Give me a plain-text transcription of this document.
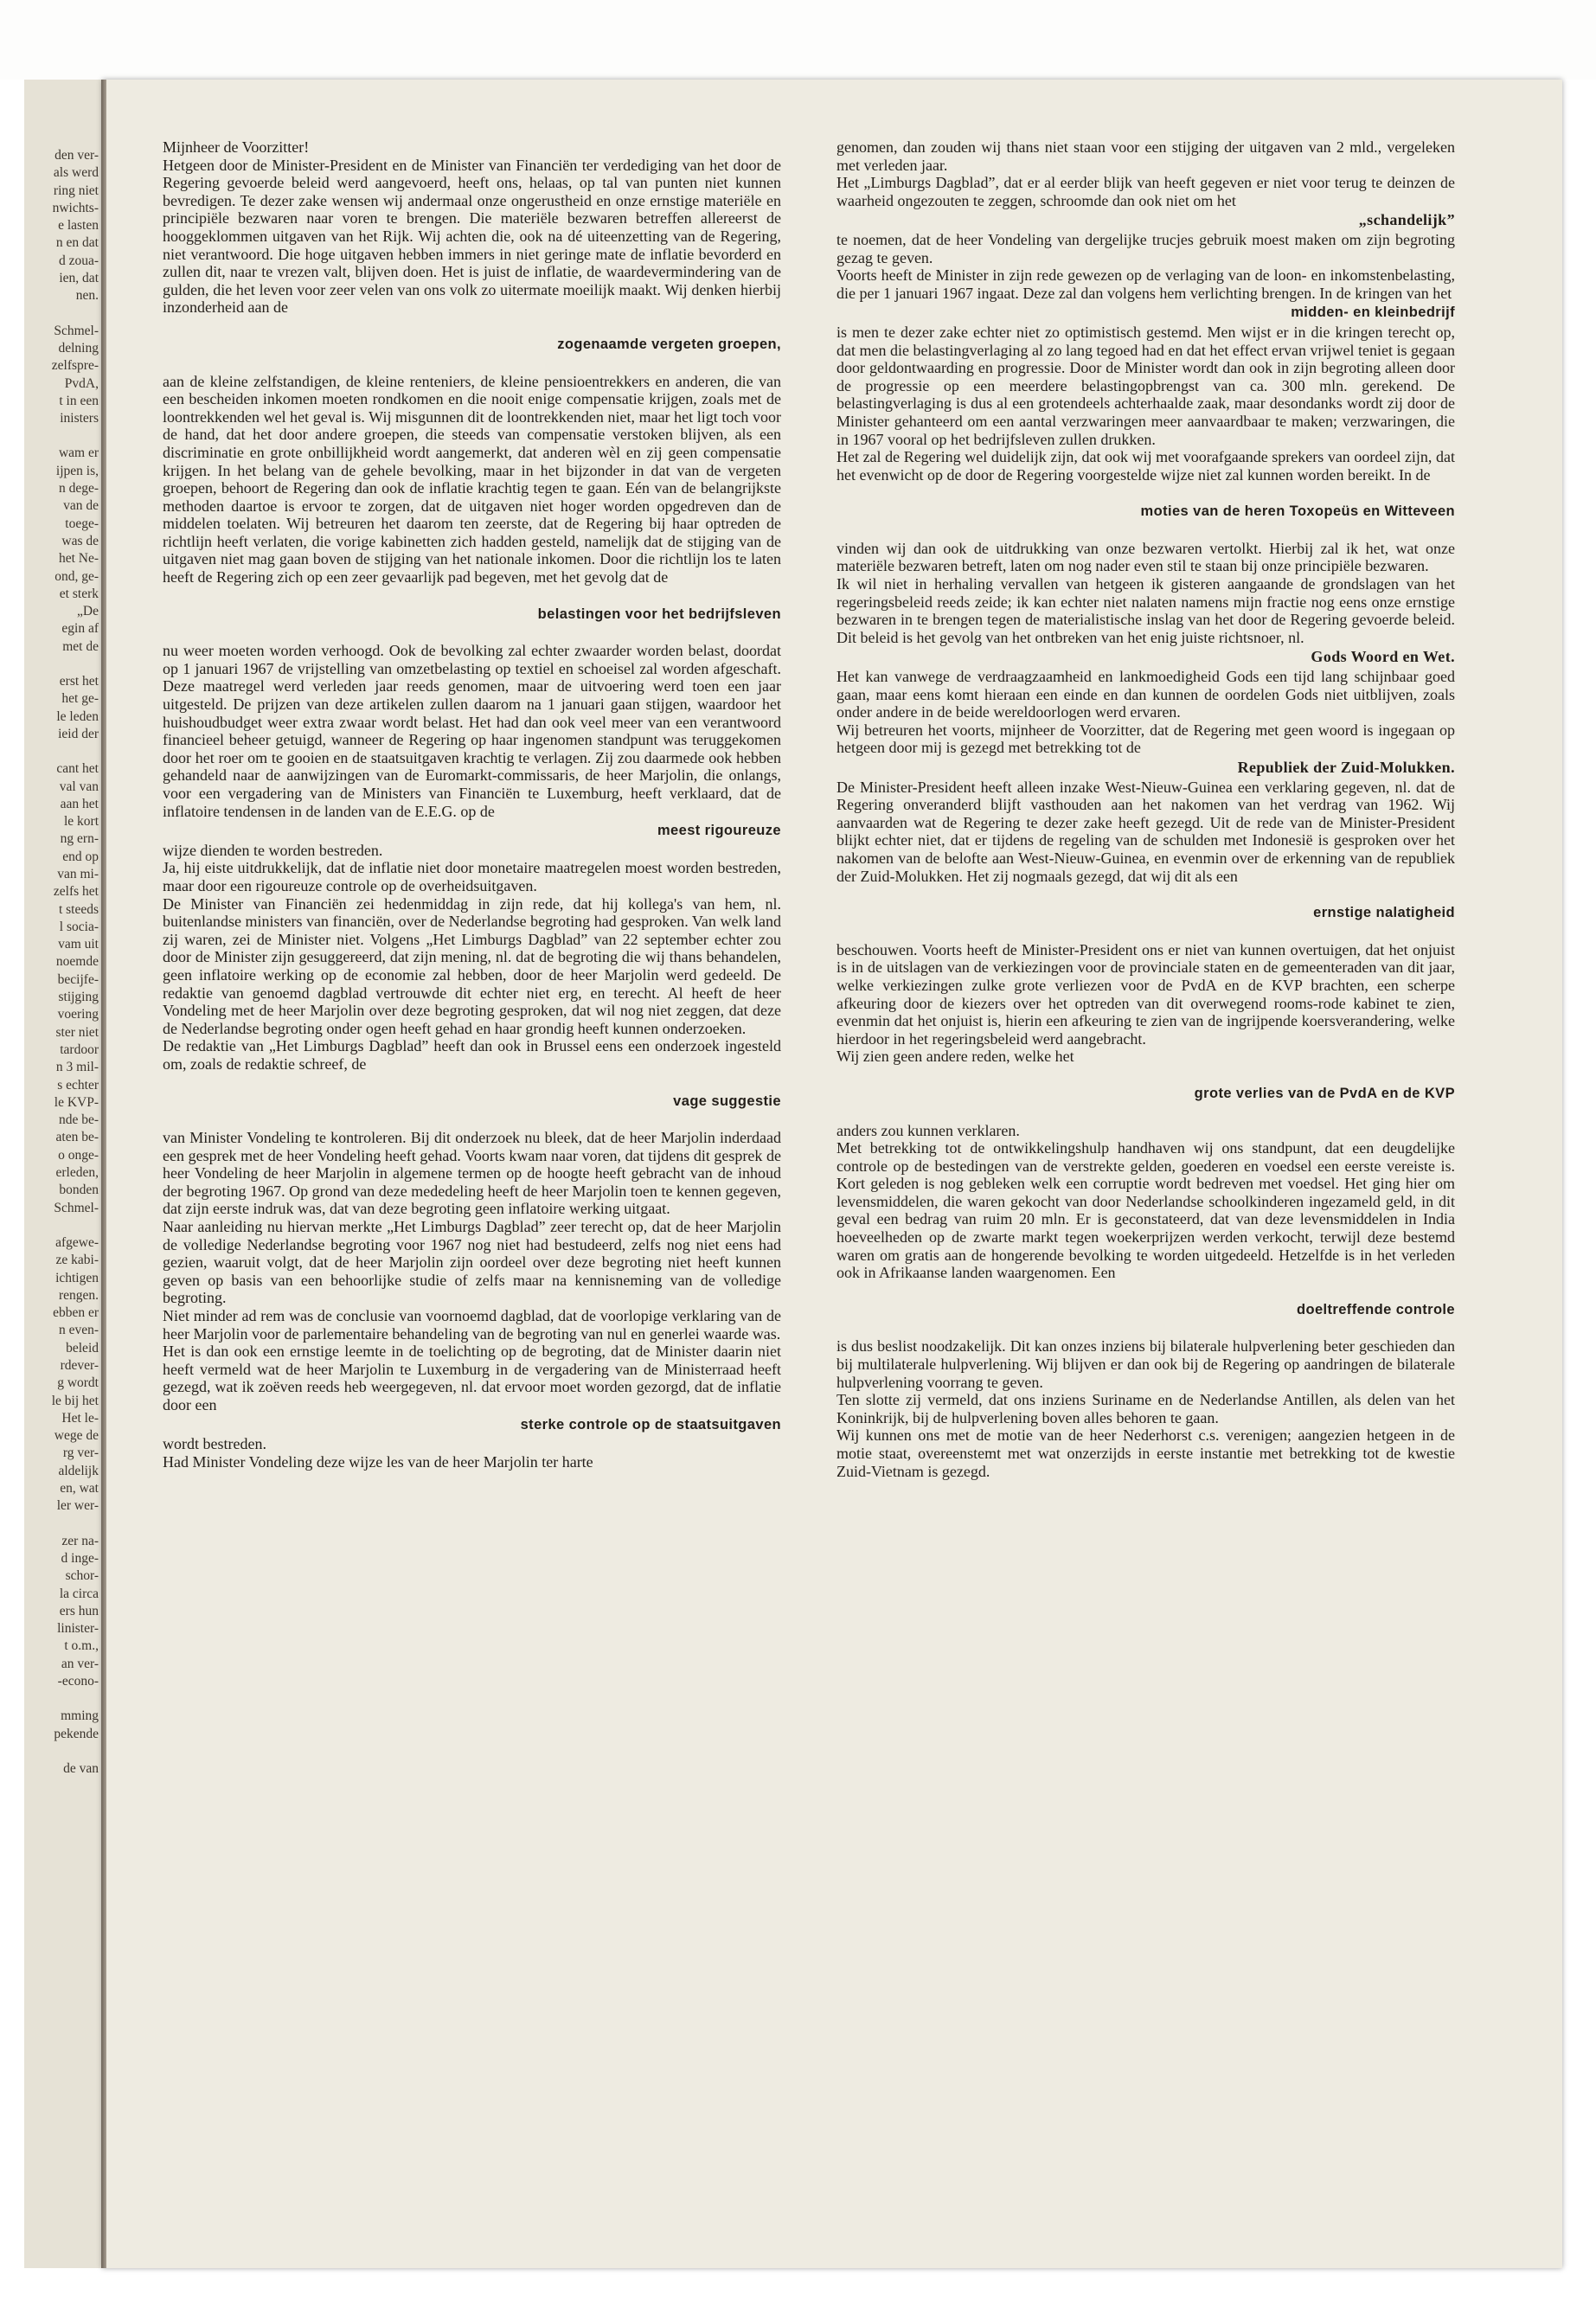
den ver-
als werd
ring niet
nwichts-
e lasten
n en dat
d zoua-
ien, dat
nen.
Schmel-
delning
zelfspre-
PvdA,
t in een
inisters
wam er
ijpen is,
n dege-
van de
toege-
was de
het Ne-
ond, ge-
et sterk
„De
egin af
met de
erst het
het ge-
le leden
ieid der
cant het
val van
aan het
le kort
ng ern-
end op
van mi-
zelfs het
t steeds
l socia-
vam uit
noemde
becijfe-
stijging
voering
ster niet
tardoor
n 3 mil-
s echter
le KVP-
nde be-
aten be-
o onge-
erleden,
bonden
Schmel-
afgewe-
ze kabi-
ichtigen
rengen.
ebben er
n even-
beleid
rdever-
g wordt
le bij het
Het le-
wege de
rg ver-
aldelijk
en, wat
ler wer-
zer na-
d inge-
schor-
la circa
ers hun
linister-
t o.m.,
an ver-
-econo-
mming
pekende
de van

Mijnheer de Voorzitter!

Hetgeen door de Minister-President en de Minister van Financiën ter verdediging van het door de Regering gevoerde beleid werd aangevoerd, heeft ons, helaas, op tal van punten niet kunnen bevredigen. Te dezer zake wensen wij andermaal onze ongerustheid en onze ernstige materiële en principiële bezwaren naar voren te brengen. Die materiële bezwaren betreffen allereerst de hooggeklommen uitgaven van het Rijk. Wij achten die, ook na dé uiteenzetting van de Regering, niet verantwoord. Die hoge uitgaven hebben immers in niet geringe mate de inflatie bevorderd en zullen dit, naar te vrezen valt, blijven doen. Het is juist de inflatie, de waardevermindering van de gulden, die het leven voor zeer velen van ons volk zo uitermate moeilijk maakt. Wij denken hierbij inzonderheid aan de

zogenaamde vergeten groepen,

aan de kleine zelfstandigen, de kleine renteniers, de kleine pensioentrekkers en anderen, die van een bescheiden inkomen moeten rondkomen en die nooit enige compensatie krijgen, zoals met de loontrekkenden wel het geval is. Wij misgunnen dit de loontrekkenden niet, maar het ligt toch voor de hand, dat het door andere groepen, die steeds van compensatie verstoken blijven, als een discriminatie en grote onbillijkheid wordt aangemerkt, dat anderen wèl en zij geen compensatie krijgen. In het belang van de gehele bevolking, maar in het bijzonder in dat van de vergeten groepen, behoort de Regering dan ook de inflatie krachtig tegen te gaan. Eén van de belangrijkste methoden daartoe is ervoor te zorgen, dat de uitgaven niet hoger worden opgedreven dan de middelen toelaten. Wij betreuren het daarom ten zeerste, dat de Regering bij haar optreden de richtlijn heeft verlaten, die vorige kabinetten zich hadden gesteld, namelijk dat de stijging van de uitgaven niet mag gaan boven de stijging van het nationale inkomen. Door die richtlijn los te laten heeft de Regering zich op een zeer gevaarlijk pad begeven, met het gevolg dat de

belastingen voor het bedrijfsleven

nu weer moeten worden verhoogd. Ook de bevolking zal echter zwaarder worden belast, doordat op 1 januari 1967 de vrijstelling van omzetbelasting op textiel en schoeisel zal worden afgeschaft. Deze maatregel werd verleden jaar reeds genomen, maar de uitvoering werd toen een jaar uitgesteld. De prijzen van deze artikelen zullen daarom na 1 januari gaan stijgen, waardoor het huishoudbudget weer extra zwaar wordt belast. Het had dan ook veel meer van een verantwoord financieel beheer getuigd, wanneer de Regering op haar ingenomen standpunt was teruggekomen door het roer om te gooien en de staatsuitgaven krachtig te verlagen. Zij zou daarmede ook hebben gehandeld naar de aanwijzingen van de Euromarkt-commissaris, de heer Marjolin, die onlangs, voor een vergadering van de Ministers van Financiën te Luxemburg, heeft verklaard, dat de inflatoire tendensen in de landen van de E.E.G. op de

meest rigoureuze

wijze dienden te worden bestreden.

Ja, hij eiste uitdrukkelijk, dat de inflatie niet door monetaire maatregelen moest worden bestreden, maar door een rigoureuze controle op de overheidsuitgaven.

De Minister van Financiën zei hedenmiddag in zijn rede, dat hij kollega's van hem, nl. buitenlandse ministers van financiën, over de Nederlandse begroting had gesproken. Van welk land zij waren, zei de Minister niet. Volgens „Het Limburgs Dagblad” van 22 september echter zou door de Minister zijn gesuggereerd, dat zijn mening, nl. dat de begroting die wij thans behandelen, geen inflatoire werking op de economie zal hebben, door de heer Marjolin werd gedeeld. De redaktie van genoemd dagblad vertrouwde dit echter niet erg, en terecht. Al heeft de heer Vondeling met de heer Marjolin over deze begroting gesproken, dat wil nog niet zeggen, dat deze de Nederlandse begroting onder ogen heeft gehad en haar grondig heeft kunnen onderzoeken.

De redaktie van „Het Limburgs Dagblad” heeft dan ook in Brussel eens een onderzoek ingesteld om, zoals de redaktie schreef, de

vage suggestie

van Minister Vondeling te kontroleren. Bij dit onderzoek nu bleek, dat de heer Marjolin inderdaad een gesprek met de heer Vondeling heeft gehad. Voorts kwam naar voren, dat tijdens dit gesprek de heer Vondeling de heer Marjolin in algemene termen op de hoogte heeft gebracht van de inhoud der begroting 1967. Op grond van deze mededeling heeft de heer Marjolin toen te kennen gegeven, dat zijn eerste indruk was, dat van deze begroting geen inflatoire werking uitgaat.

Naar aanleiding nu hiervan merkte „Het Limburgs Dagblad” zeer terecht op, dat de heer Marjolin de volledige Nederlandse begroting voor 1967 nog niet had bestudeerd, zelfs nog niet eens had gezien, waaruit volgt, dat de heer Marjolin zijn oordeel over deze begroting niet heeft kunnen geven op basis van een behoorlijke studie of zelfs maar na kennisneming van de volledige begroting.

Niet minder ad rem was de conclusie van voornoemd dagblad, dat de voorlopige verklaring van de heer Marjolin voor de parlementaire behandeling van de begroting van nul en generlei waarde was.

Het is dan ook een ernstige leemte in de toelichting op de begroting, dat de Minister daarin niet heeft vermeld wat de heer Marjolin te Luxemburg in de vergadering van de Ministerraad heeft gezegd, wat ik zoëven reeds heb weergegeven, nl. dat ervoor moet worden gezorgd, dat de inflatie door een

sterke controle op de staatsuitgaven

wordt bestreden.

Had Minister Vondeling deze wijze les van de heer Marjolin ter harte

genomen, dan zouden wij thans niet staan voor een stijging der uitgaven van 2 mld., vergeleken met verleden jaar.

Het „Limburgs Dagblad”, dat er al eerder blijk van heeft gegeven er niet voor terug te deinzen de waarheid ongezouten te zeggen, schroomde dan ook niet om het

„schandelijk”

te noemen, dat de heer Vondeling van dergelijke trucjes gebruik moest maken om zijn begroting gezag te geven.

Voorts heeft de Minister in zijn rede gewezen op de verlaging van de loon- en inkomstenbelasting, die per 1 januari 1967 ingaat. Deze zal dan volgens hem verlichting brengen. In de kringen van het

midden- en kleinbedrijf

is men te dezer zake echter niet zo optimistisch gestemd. Men wijst er in die kringen terecht op, dat men die belastingverlaging al zo lang tegoed had en dat het effect ervan vrijwel teniet is gegaan door geldontwaarding en progressie. Door de Minister wordt dan ook in zijn begroting alleen door de progressie op een meerdere belastingopbrengst van ca. 300 mln. gerekend. De belastingverlaging is dus al een grotendeels achterhaalde zaak, maar desondanks wordt zij door de Minister gehanteerd om een aantal verzwaringen meer aanvaardbaar te maken; verzwaringen, die in 1967 vooral op het bedrijfsleven zullen drukken.

Het zal de Regering wel duidelijk zijn, dat ook wij met voorafgaande sprekers van oordeel zijn, dat het evenwicht op de door de Regering voorgestelde wijze niet zal kunnen worden bereikt. In de

moties van de heren Toxopeüs en Witteveen

vinden wij dan ook de uitdrukking van onze bezwaren vertolkt. Hierbij zal ik het, wat onze materiële bezwaren betreft, laten om nog nader even stil te staan bij onze principiële bezwaren.

Ik wil niet in herhaling vervallen van hetgeen ik gisteren aangaande de grondslagen van het regeringsbeleid reeds zeide; ik kan echter niet nalaten namens mijn fractie nog eens onze ernstige bezwaren in te brengen tegen de materialistische inslag van het door de Regering gevoerde beleid. Dit beleid is het gevolg van het ontbreken van het enig juiste richtsnoer, nl.

Gods Woord en Wet.

Het kan vanwege de verdraagzaamheid en lankmoedigheid Gods een tijd lang schijnbaar goed gaan, maar eens komt hieraan een einde en dan kunnen de oordelen Gods niet uitblijven, zoals onder andere in de beide wereldoorlogen werd ervaren.

Wij betreuren het voorts, mijnheer de Voorzitter, dat de Regering met geen woord is ingegaan op hetgeen door mij is gezegd met betrekking tot de

Republiek der Zuid-Molukken.

De Minister-President heeft alleen inzake West-Nieuw-Guinea een verklaring gegeven, nl. dat de Regering onveranderd blijft vasthouden aan het nakomen van het verdrag van 1962. Wij aanvaarden wat de Regering te dezer zake heeft gezegd. Uit de rede van de Minister-President blijkt echter niet, dat er tijdens de regeling van de schulden met Indonesië is gesproken over het nakomen van de belofte aan West-Nieuw-Guinea, en evenmin over de erkenning van de republiek der Zuid-Molukken. Het zij nogmaals gezegd, dat wij dit als een

ernstige nalatigheid

beschouwen. Voorts heeft de Minister-President ons er niet van kunnen overtuigen, dat het onjuist is in de uitslagen van de verkiezingen voor de provinciale staten en de gemeenteraden van dit jaar, welke verkiezingen zulke grote verliezen voor de PvdA en de KVP brachten, een scherpe afkeuring door de kiezers over het optreden van dit overwegend rooms-rode kabinet te zien, evenmin dat het onjuist is, hierin een afkeuring te zien van de ingrijpende koersverandering, welke hierdoor in het regeringsbeleid werd aangebracht.

Wij zien geen andere reden, welke het

grote verlies van de PvdA en de KVP

anders zou kunnen verklaren.

Met betrekking tot de ontwikkelingshulp handhaven wij ons standpunt, dat een deugdelijke controle op de bestedingen van de verstrekte gelden, goederen en voedsel een eerste vereiste is. Kort geleden is nog gebleken welk een corruptie wordt bedreven met voedsel. Het ging hier om levensmiddelen, die waren gekocht van door Nederlandse schoolkinderen ingezameld geld, in dit geval een bedrag van ruim 20 mln. Er is geconstateerd, dat van deze levensmiddelen in India hoeveelheden op de zwarte markt tegen woekerprijzen werden verkocht, terwijl deze bestemd waren om gratis aan de hongerende bevolking te worden uitgedeeld. Hetzelfde is in het verleden ook in Afrikaanse landen waargenomen. Een

doeltreffende controle

is dus beslist noodzakelijk. Dit kan onzes inziens bij bilaterale hulpverlening beter geschieden dan bij multilaterale hulpverlening. Wij blijven er dan ook bij de Regering op aandringen de bilaterale hulpverlening voorrang te geven.

Ten slotte zij vermeld, dat ons inziens Suriname en de Nederlandse Antillen, als delen van het Koninkrijk, bij de hulpverlening boven alles behoren te gaan.

Wij kunnen ons met de motie van de heer Nederhorst c.s. verenigen; aangezien hetgeen in de motie staat, overeenstemt met wat onzerzijds in eerste instantie met betrekking tot de kwestie Zuid-Vietnam is gezegd.
